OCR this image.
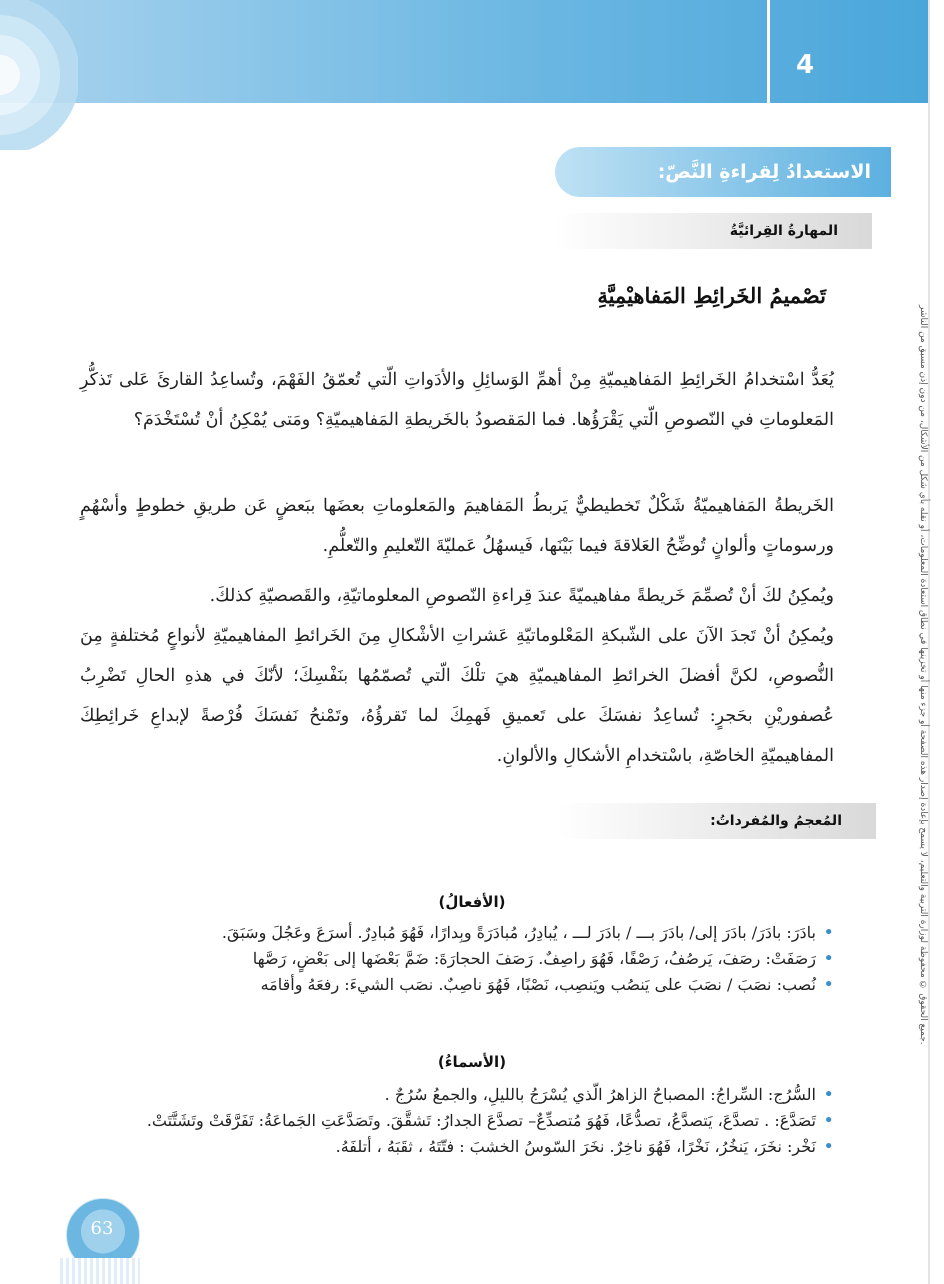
4
جميع الحقوق © محفوظة لوزارة التربية والتعليم، لا يسمح بإعادة إصدار هذه الصفحة أو جزء منها أو تخزينها في نطاق استعادة المعلومات، أو نقله بأي شكل من الأشكال، من دون إذن مسبق من الناشر.
الاستعدادُ لِقراءةِ النَّصّ:
المهارةُ القِرائيَّةُ
تَصْميمُ الخَرائِطِ المَفاهيْمِيَّةِ

يُعَدُّ اسْتخدامُ الخَرائِطِ المَفاهيميّةِ مِنْ أهمِّ الوَسائِلِ والأدَواتِ الّتي تُعمّقُ الفَهْمَ، وتُساعِدُ القارئَ عَلى تَذكُّرِ المَعلوماتِ في النّصوصِ الّتي يَقْرَؤُها. فما المَقصودُ بالخَريطةِ المَفاهيميّةِ؟ ومَتى يُمْكِنُ أنْ تُسْتَخْدَمَ؟

الخَريطةُ المَفاهيميّةُ شَكْلٌ تَخطيطيٌّ يَربطُ المَفاهيمَ والمَعلوماتِ بعضَها ببَعضٍ عَن طريقِ خطوطٍ وأسْهُمٍ ورسوماتٍ وألوانٍ تُوضِّحُ العَلاقةَ فيما بَيْنَها، فَيسهُلُ عَمليّةَ التّعليمِ والتّعلُّمِ.

ويُمكِنُ لكَ أنْ تُصمِّمَ خَريطةً مفاهيميّةً عندَ قِراءةِ النّصوصِ المعلوماتيّةِ، والقَصصيّةِ كذلكَ.

ويُمكِنُ أنْ تَجدَ الآنَ على الشّبكةِ المَعْلوماتيّةِ عَشراتِ الأشْكالِ مِنَ الخَرائطِ المفاهيميّةِ لأنواعٍ مُختلفةٍ مِنَ النُّصوصِ، لكنَّ أفضلَ الخرائطِ المفاهيميّةِ هيَ تلْكَ الّتي تُصمّمُها بنَفْسِكَ؛ لأنّكَ في هذهِ الحالِ تَضْرِبُ عُصفوريْنِ بحَجرٍ: تُساعِدُ نفسَكَ على تَعميقِ فَهمِكَ لما تَقرؤُهُ، وتَمْنحُ نَفسَكَ فُرْصةً لإبداعِ خَرائِطِكَ المفاهيميّةِ الخاصّةِ، باسْتخدامِ الأشكالِ والألوانِ.

المُعجمُ والمُفرداتُ:
(الأفعالُ)
• بادَرَ: بادَرَ/ بادَرَ إلى/ بادَرَ بـــ / بادَرَ لـــ ، يُبادِرُ، مُبادَرَةً وبِدارًا، فَهُوَ مُبادِرٌ. أسرَعَ وعَجُلَ وسَبَقَ.
• رَصَفَتْ: رصَفَ، يَرصُفُ، رَصْفًا، فَهُوَ راصِفٌ. رَصَفَ الحجارَةَ: ضَمَّ بَعْضَها إلى بَعْضٍ، رَصَّها
• نُصب: نصَبَ / نصَبَ على يَنصُب ويَنصِب، نَصْبًا، فَهُوَ ناصِبٌ. نصَب الشيءَ: رفعَهُ وأقامَه
(الأسماءُ)
• السُّرُج: السِّراجُ: المصباحُ الزاهرُ الّذي يُسْرَجُ بالليلِ، والجمعُ سُرُجٌ .
• تَصَدَّعَ: . تصدَّعَ، يَتصدَّعُ، تصدُّعًا، فَهُوَ مُتصدِّعٌ– تصدَّعَ الجدارُ: تَشقَّقَ. وتَصَدَّعَتِ الجَماعَةُ: تَفَرَّقَتْ وتَشَتَّتَتْ.
• نَخْر: نخَرَ، يَنخُرُ، نَخْرًا، فَهُوَ ناخِرٌ. نخَرَ السّوسُ الخشبَ : فتّتَهُ ، ثقَبَهُ ، أتلفَهُ.
63
